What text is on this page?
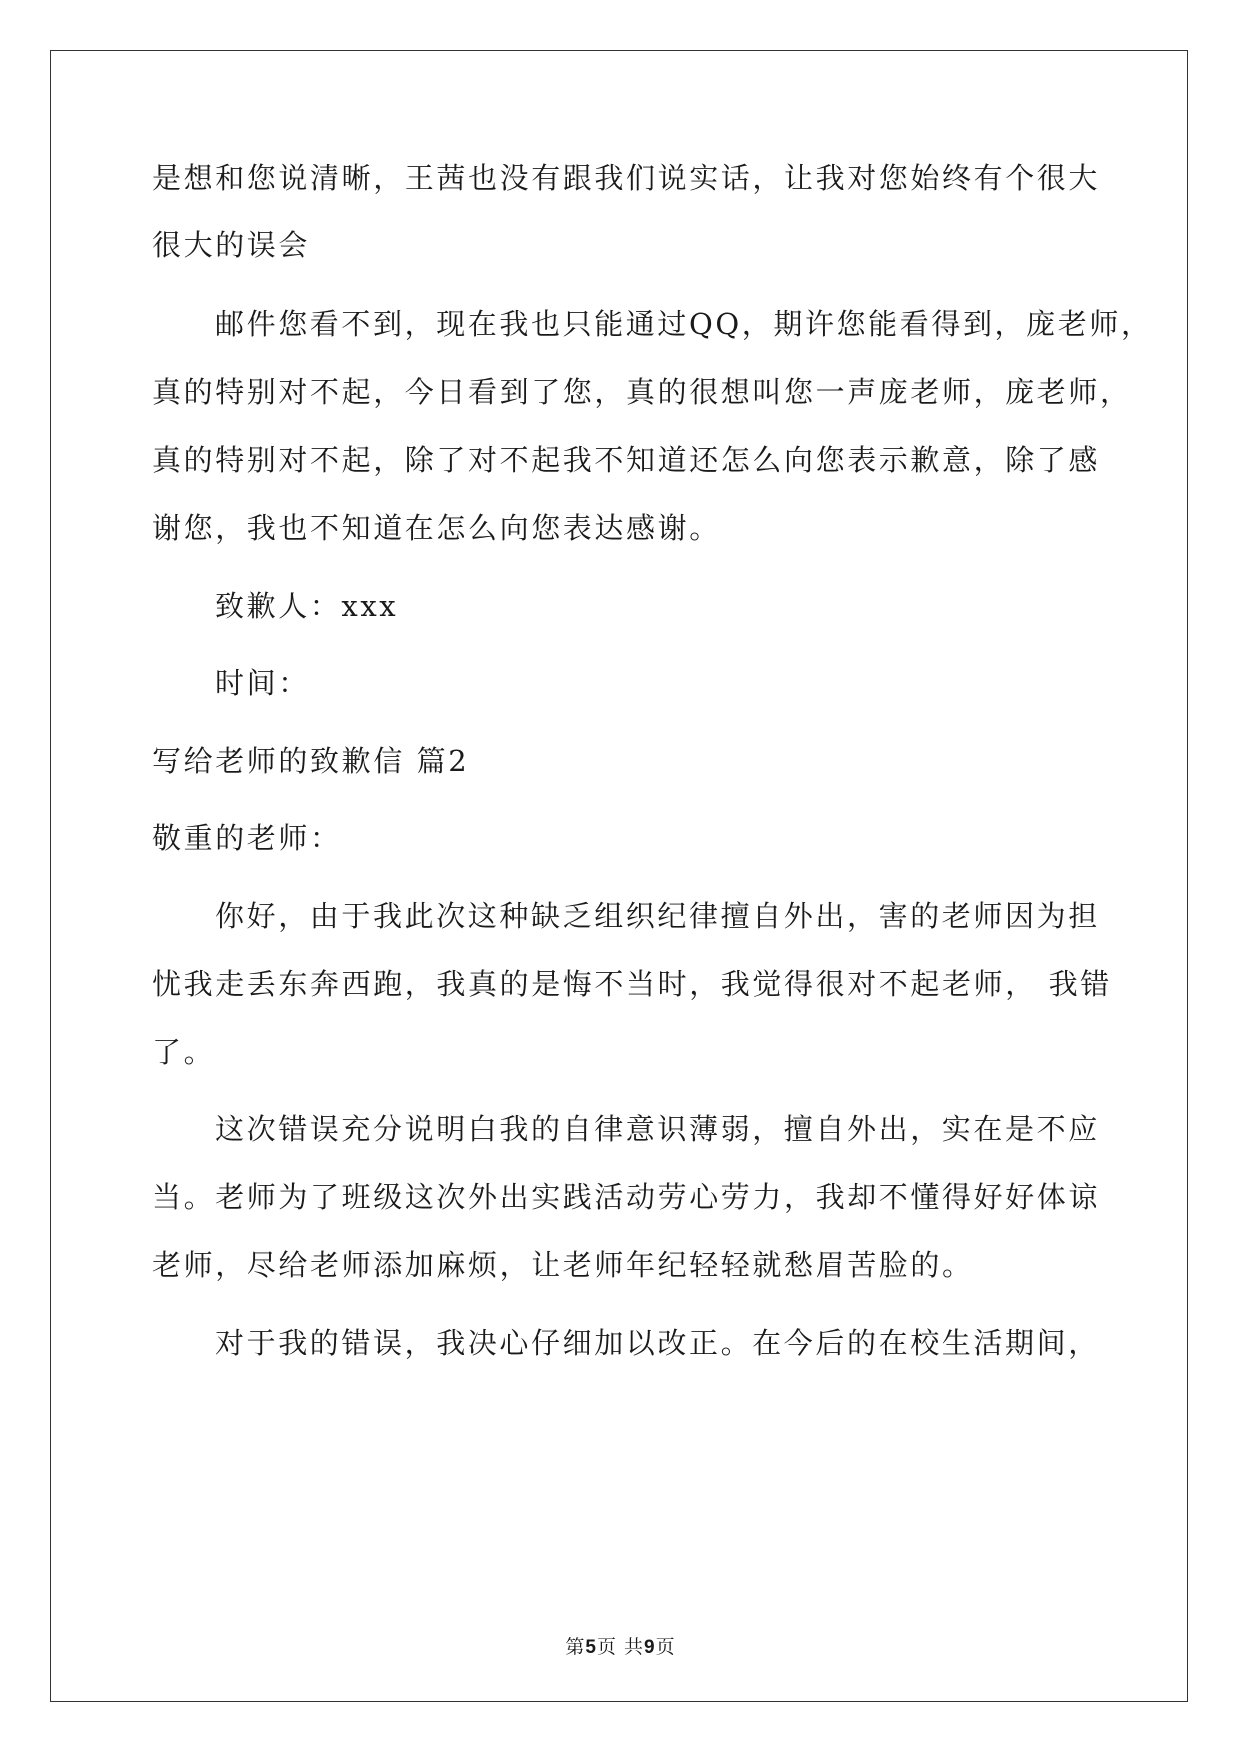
是想和您说清晰，王茜也没有跟我们说实话，让我对您始终有个很大
很大的误会
邮件您看不到，现在我也只能通过QQ，期许您能看得到，庞老师，
真的特别对不起，今日看到了您，真的很想叫您一声庞老师，庞老师，
真的特别对不起，除了对不起我不知道还怎么向您表示歉意，除了感
谢您，我也不知道在怎么向您表达感谢。
致歉人：xxx
时间：
写给老师的致歉信 篇2
敬重的老师：
你好，由于我此次这种缺乏组织纪律擅自外出，害的老师因为担
忧我走丢东奔西跑，我真的是悔不当时，我觉得很对不起老师， 我错
了。
这次错误充分说明白我的自律意识薄弱，擅自外出，实在是不应
当。老师为了班级这次外出实践活动劳心劳力，我却不懂得好好体谅
老师，尽给老师添加麻烦，让老师年纪轻轻就愁眉苦脸的。
对于我的错误，我决心仔细加以改正。在今后的在校生活期间，
第5页 共9页
